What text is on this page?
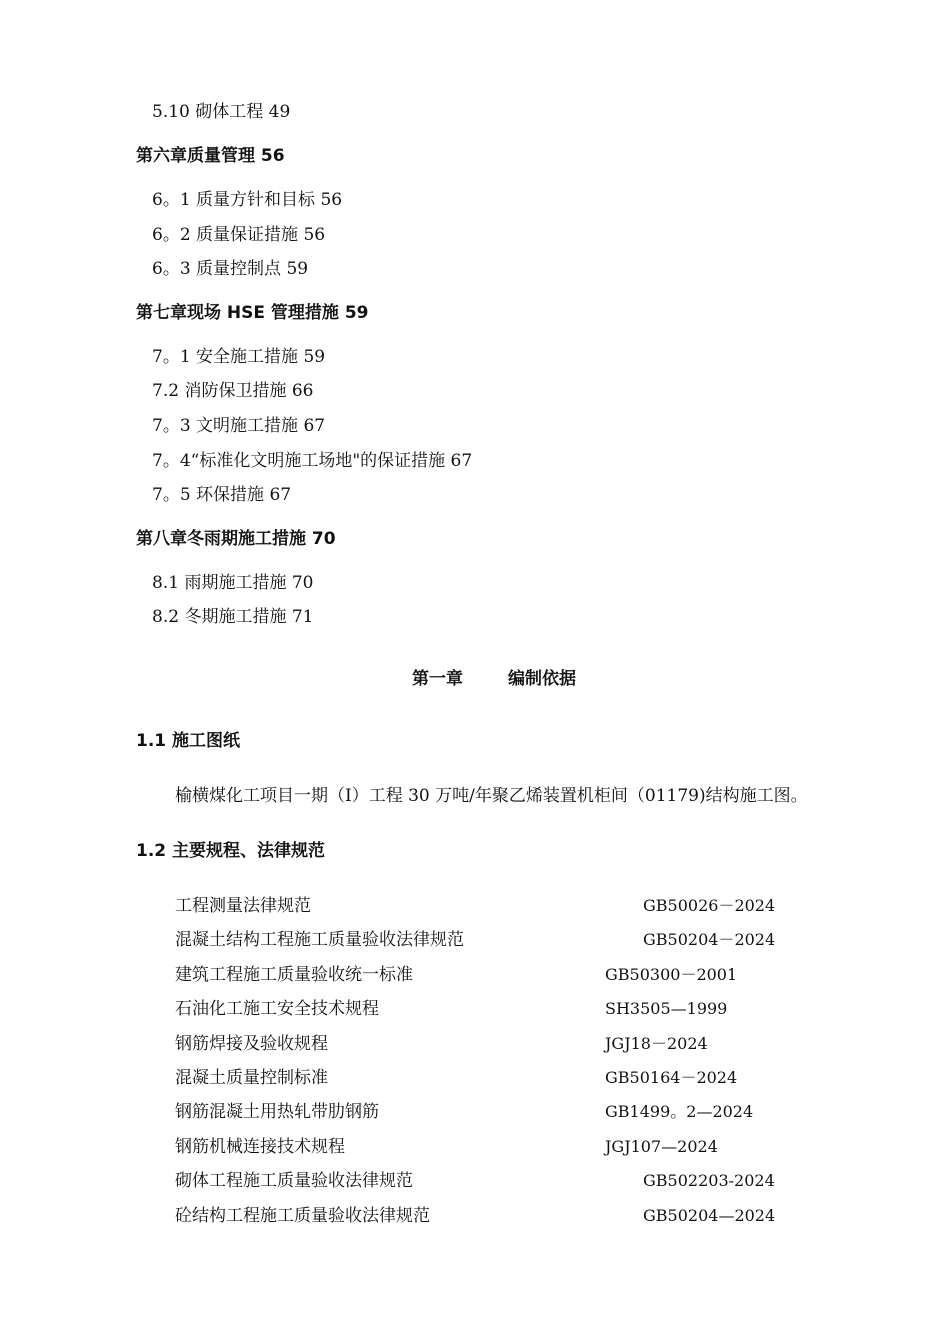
5.10 砌体工程 49
第六章质量管理 56
6。1 质量方针和目标 56
6。2 质量保证措施 56
6。3 质量控制点 59
第七章现场 HSE 管理措施 59
7。1 安全施工措施 59
7.2 消防保卫措施 66
7。3 文明施工措施 67
7。4“标准化文明施工场地"的保证措施 67
7。5 环保措施 67
第八章冬雨期施工措施 70
8.1 雨期施工措施 70
8.2 冬期施工措施 71
第一章	编制依据
1.1 施工图纸
榆横煤化工项目一期（I）工程 30 万吨/年聚乙烯装置机柜间（01179)结构施工图。
1.2 主要规程、法律规范
工程测量法律规范	GB50026－2024
混凝土结构工程施工质量验收法律规范	GB50204－2024
建筑工程施工质量验收统一标准	GB50300－2001
石油化工施工安全技术规程	SH3505—1999
钢筋焊接及验收规程	JGJ18－2024
混凝土质量控制标准	GB50164－2024
钢筋混凝土用热轧带肋钢筋	GB1499。2—2024
钢筋机械连接技术规程	JGJ107—2024
砌体工程施工质量验收法律规范	GB502203-2024
砼结构工程施工质量验收法律规范	GB50204—2024
